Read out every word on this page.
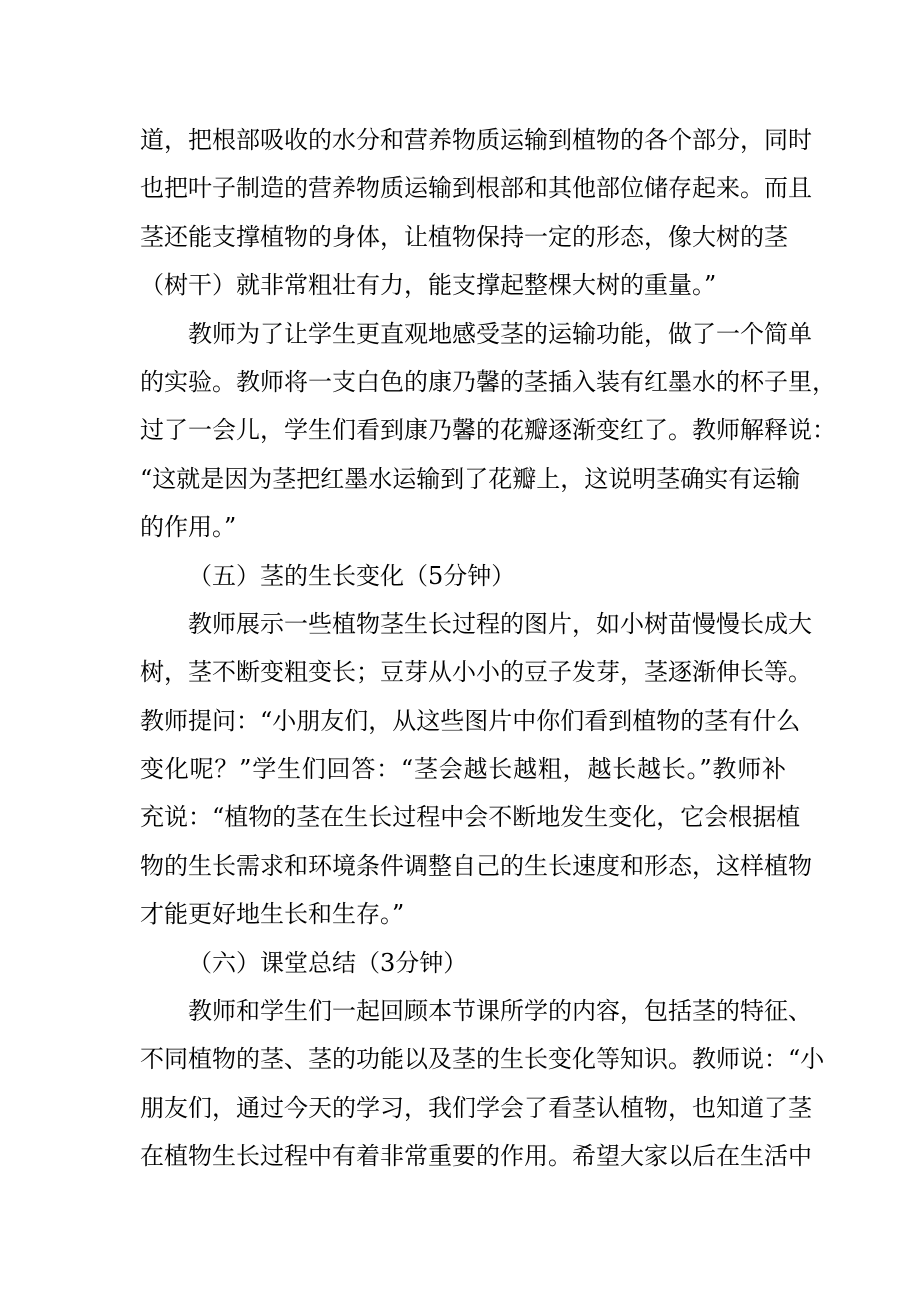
道，把根部吸收的水分和营养物质运输到植物的各个部分，同时
也把叶子制造的营养物质运输到根部和其他部位储存起来。而且
茎还能支撑植物的身体，让植物保持一定的形态，像大树的茎
（树干）就非常粗壮有力，能支撑起整棵大树的重量。”
教师为了让学生更直观地感受茎的运输功能，做了一个简单
的实验。教师将一支白色的康乃馨的茎插入装有红墨水的杯子里，
过了一会儿，学生们看到康乃馨的花瓣逐渐变红了。教师解释说：
“这就是因为茎把红墨水运输到了花瓣上，这说明茎确实有运输
的作用。”
（五）茎的生长变化（5分钟）
教师展示一些植物茎生长过程的图片，如小树苗慢慢长成大
树，茎不断变粗变长；豆芽从小小的豆子发芽，茎逐渐伸长等。
教师提问：“小朋友们，从这些图片中你们看到植物的茎有什么
变化呢？”学生们回答：“茎会越长越粗，越长越长。”教师补
充说：“植物的茎在生长过程中会不断地发生变化，它会根据植
物的生长需求和环境条件调整自己的生长速度和形态，这样植物
才能更好地生长和生存。”
（六）课堂总结（3分钟）
教师和学生们一起回顾本节课所学的内容，包括茎的特征、
不同植物的茎、茎的功能以及茎的生长变化等知识。教师说：“小
朋友们，通过今天的学习，我们学会了看茎认植物，也知道了茎
在植物生长过程中有着非常重要的作用。希望大家以后在生活中
